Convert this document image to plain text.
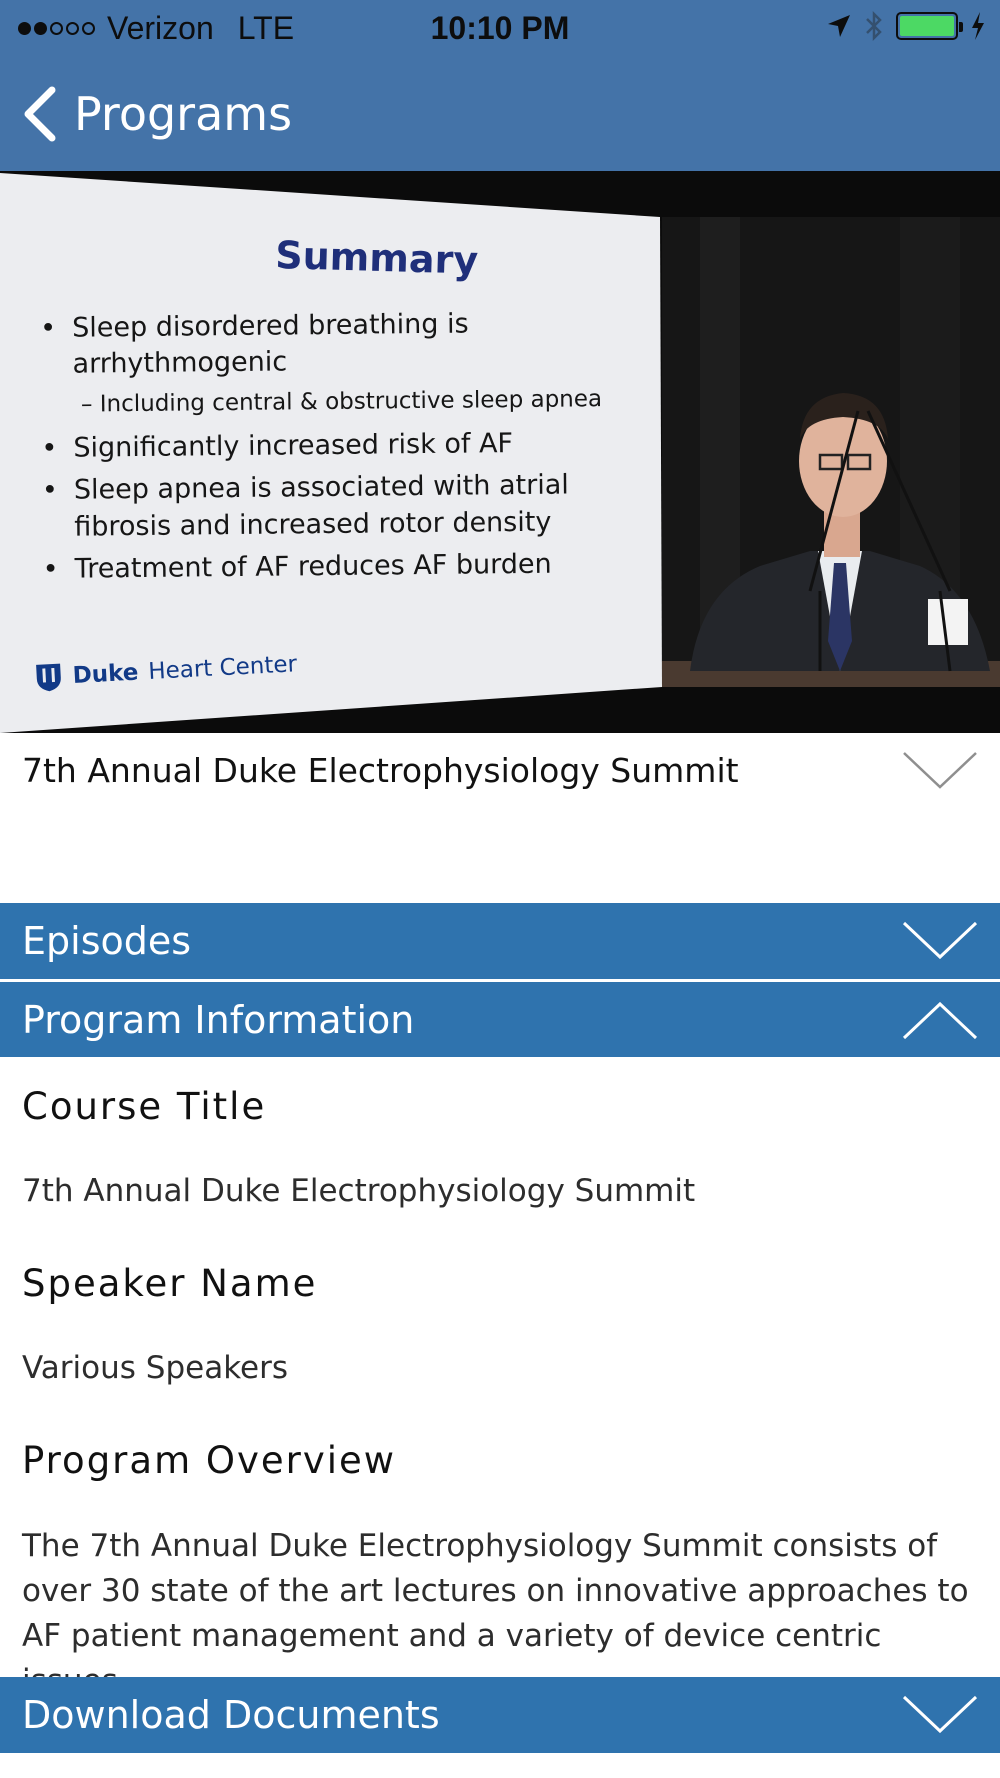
Verizon LTE	10:10 PM
Programs
Summary
• Sleep disordered breathing is arrhythmogenic
– Including central & obstructive sleep apnea
• Significantly increased risk of AF
• Sleep apnea is associated with atrial fibrosis and increased rotor density
• Treatment of AF reduces AF burden
Duke Heart Center
7th Annual Duke Electrophysiology Summit
Episodes
Program Information
Course Title
7th Annual Duke Electrophysiology Summit
Speaker Name
Various Speakers
Program Overview
The 7th Annual Duke Electrophysiology Summit consists of over 30 state of the art lectures on innovative approaches to AF patient management and a variety of device centric
Download Documents
